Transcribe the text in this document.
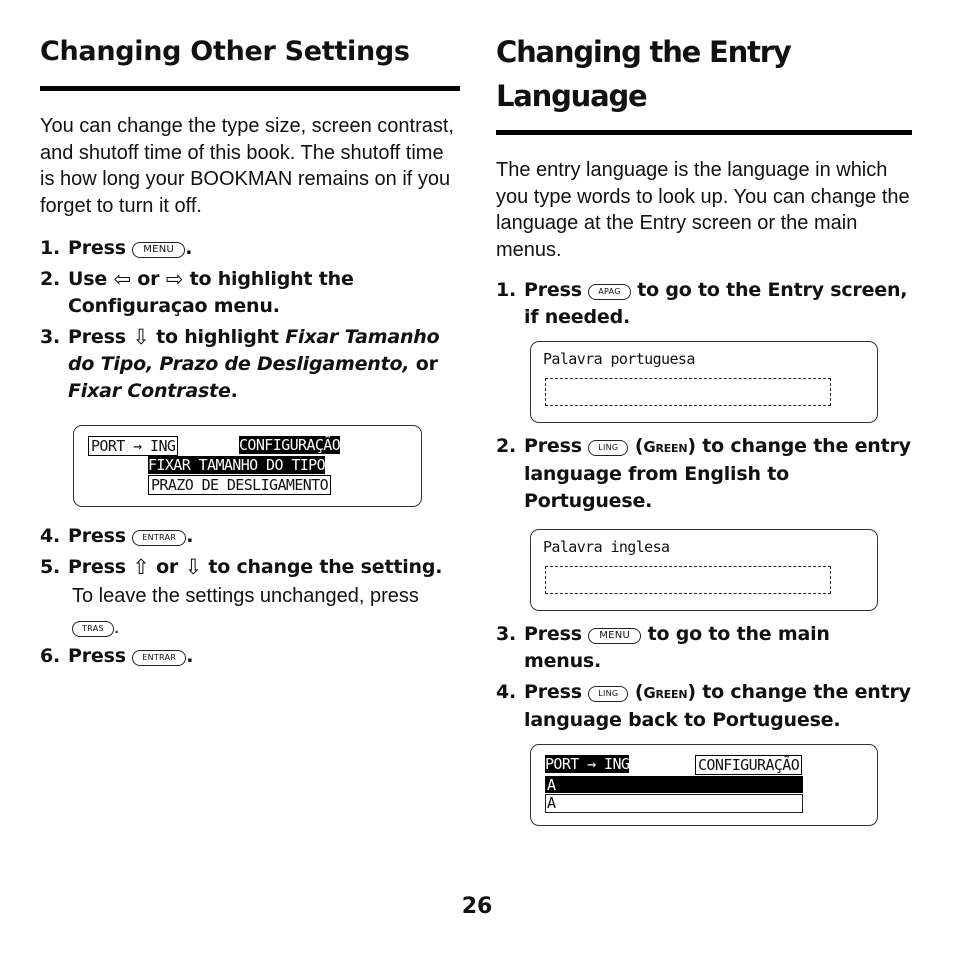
Changing Other Settings

You can change the type size, screen contrast, and shutoff time of this book. The shutoff time is how long your BOOKMAN remains on if you forget to turn it off.

1. Press MENU .
2. Use ⇦ or ⇨ to highlight the Configuraçao menu.
3. Press ⇩ to highlight Fixar Tamanho do Tipo, Prazo de Desligamento, or Fixar Contraste.
PORT → ING	CONFIGURAÇÃO
FIXAR TAMANHO DO TIPO
PRAZO DE DESLIGAMENTO
4. Press ENTRAR .
5. Press ⇧ or ⇩ to change the setting.
To leave the settings unchanged, press TRAS .
6. Press ENTRAR .
Changing the Entry Language

The entry language is the language in which you type words to look up. You can change the language at the Entry screen or the main menus.

1. Press APAG to go to the Entry screen, if needed.
Palavra portuguesa
2. Press LING (Green) to change the entry language from English to Portuguese.
Palavra inglesa
3. Press MENU to go to the main menus.
4. Press LING (Green) to change the entry language back to Portuguese.
PORT → ING	CONFIGURAÇÃO
A
A
26
